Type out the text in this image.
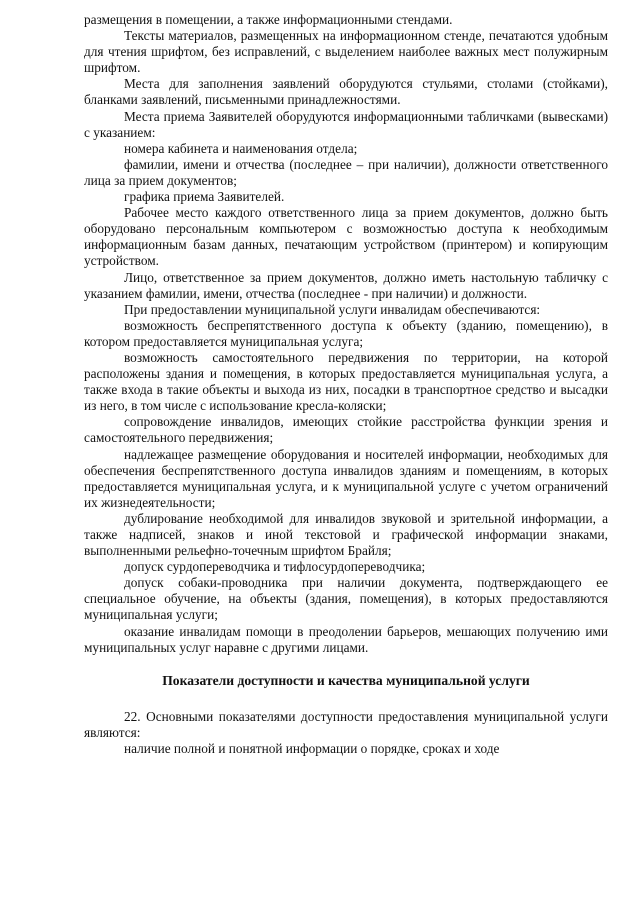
размещения в помещении, а также информационными стендами.

Тексты материалов, размещенных на информационном стенде, печатаются удобным для чтения шрифтом, без исправлений, с выделением наиболее важных мест полужирным шрифтом.

Места для заполнения заявлений оборудуются стульями, столами (стойками), бланками заявлений, письменными принадлежностями.

Места приема Заявителей оборудуются информационными табличками (вывесками) с указанием:

номера кабинета и наименования отдела;

фамилии, имени и отчества (последнее – при наличии), должности ответственного лица за прием документов;

графика приема Заявителей.

Рабочее место каждого ответственного лица за прием документов, должно быть оборудовано персональным компьютером с возможностью доступа к необходимым информационным базам данных, печатающим устройством (принтером) и копирующим устройством.

Лицо, ответственное за прием документов, должно иметь настольную табличку с указанием фамилии, имени, отчества (последнее - при наличии) и должности.

При предоставлении муниципальной услуги инвалидам обеспечиваются:

возможность беспрепятственного доступа к объекту (зданию, помещению), в котором предоставляется муниципальная услуга;

возможность самостоятельного передвижения по территории, на которой расположены здания и помещения, в которых предоставляется муниципальная услуга, а также входа в такие объекты и выхода из них, посадки в транспортное средство и высадки из него, в том числе с использование кресла-коляски;

сопровождение инвалидов, имеющих стойкие расстройства функции зрения и самостоятельного передвижения;

надлежащее размещение оборудования и носителей информации, необходимых для обеспечения беспрепятственного доступа инвалидов зданиям и помещениям, в которых предоставляется муниципальная услуга, и к муниципальной услуге с учетом ограничений их жизнедеятельности;

дублирование необходимой для инвалидов звуковой и зрительной информации, а также надписей, знаков и иной текстовой и графической информации знаками, выполненными рельефно-точечным шрифтом Брайля;

допуск сурдопереводчика и тифлосурдопереводчика;

допуск собаки-проводника при наличии документа, подтверждающего ее специальное обучение, на объекты (здания, помещения), в которых предоставляются муниципальная услуги;

оказание инвалидам помощи в преодолении барьеров, мешающих получению ими муниципальных услуг наравне с другими лицами.

Показатели доступности и качества муниципальной услуги

22. Основными показателями доступности предоставления муниципальной услуги являются:

наличие полной и понятной информации о порядке, сроках и ходе
